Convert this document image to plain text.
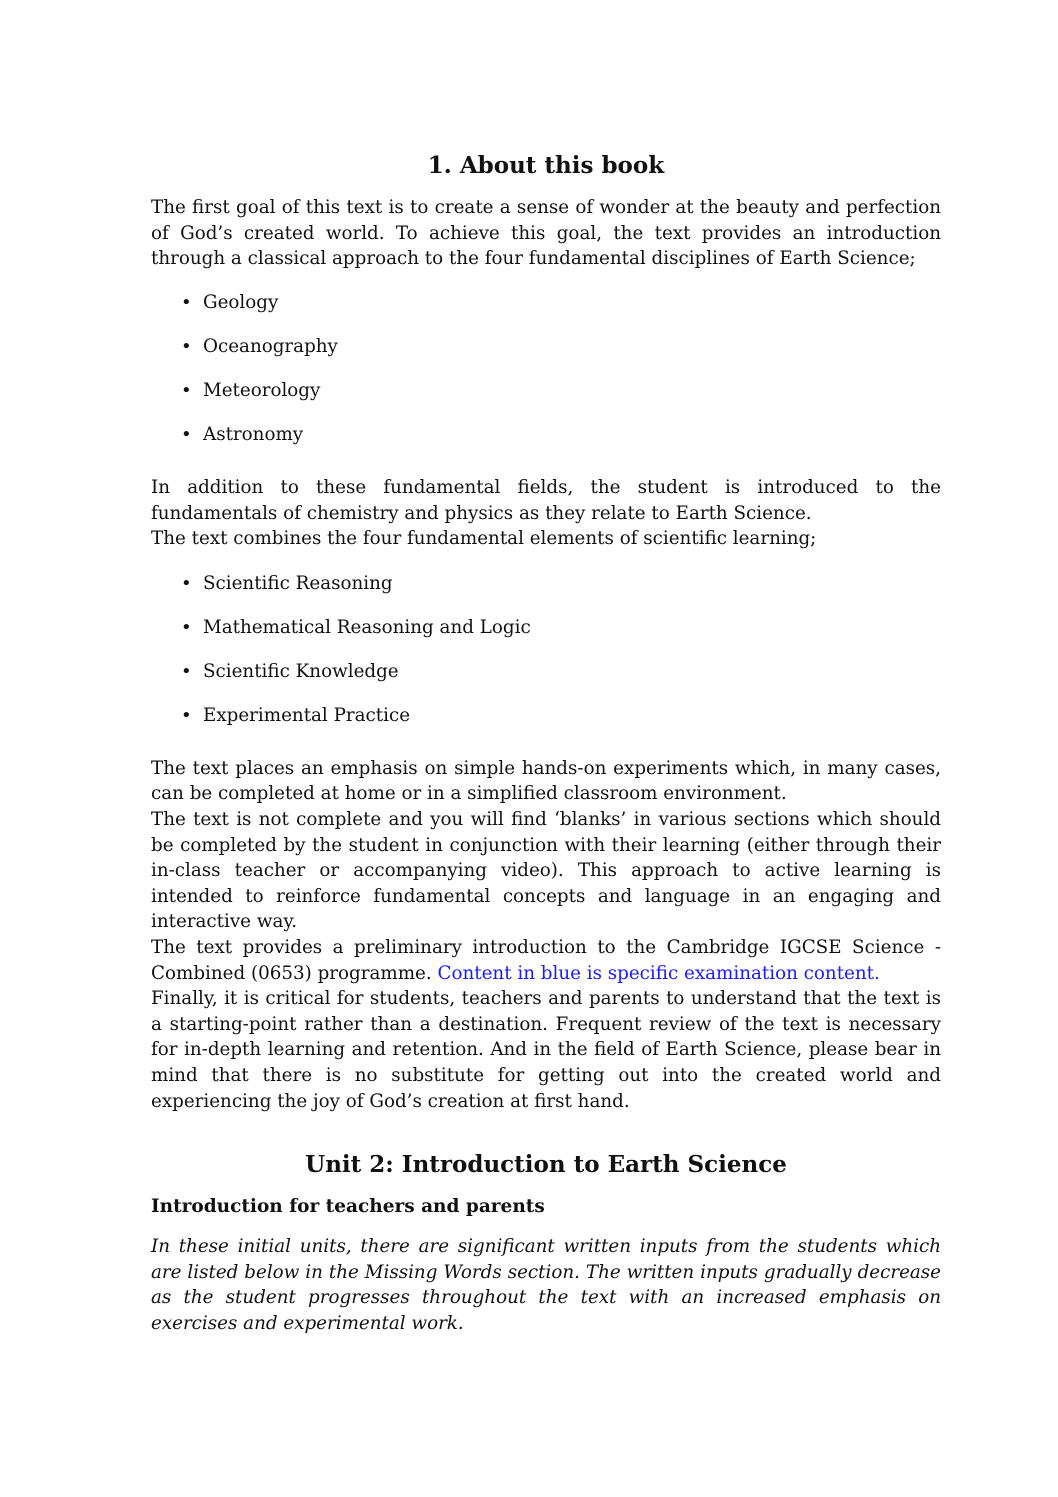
1. About this book

The first goal of this text is to create a sense of wonder at the beauty and perfection of God’s created world. To achieve this goal, the text provides an introduction through a classical approach to the four fundamental disciplines of Earth Science;

• Geology
• Oceanography
• Meteorology
• Astronomy

In addition to these fundamental fields, the student is introduced to the fundamentals of chemistry and physics as they relate to Earth Science.

The text combines the four fundamental elements of scientific learning;

• Scientific Reasoning
• Mathematical Reasoning and Logic
• Scientific Knowledge
• Experimental Practice

The text places an emphasis on simple hands-on experiments which, in many cases, can be completed at home or in a simplified classroom environment.

The text is not complete and you will find ‘blanks’ in various sections which should be completed by the student in conjunction with their learning (either through their in-class teacher or accompanying video). This approach to active learning is intended to reinforce fundamental concepts and language in an engaging and interactive way.

The text provides a preliminary introduction to the Cambridge IGCSE Science - Combined (0653) programme. Content in blue is specific examination content.

Finally, it is critical for students, teachers and parents to understand that the text is a starting-point rather than a destination. Frequent review of the text is necessary for in-depth learning and retention. And in the field of Earth Science, please bear in mind that there is no substitute for getting out into the created world and experiencing the joy of God’s creation at first hand.

Unit 2: Introduction to Earth Science

Introduction for teachers and parents

In these initial units, there are significant written inputs from the students which are listed below in the Missing Words section. The written inputs gradually decrease as the student progresses throughout the text with an increased emphasis on exercises and experimental work.
